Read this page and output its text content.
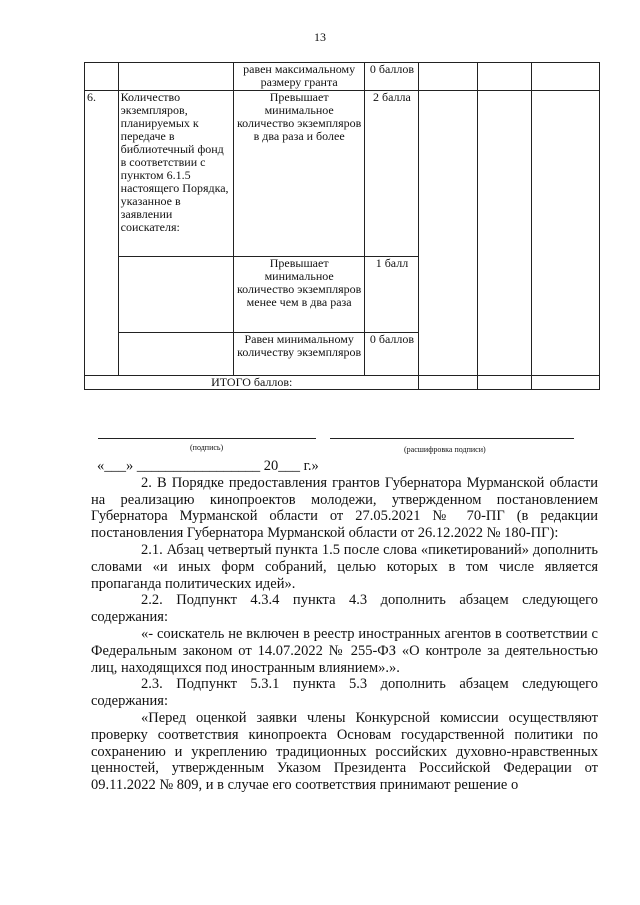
13
		равен максимальному размеру гранта	0 баллов			
6.	Количество экземпляров, планируемых к передаче в библиотечный фонд в соответствии с пунктом 6.1.5 настоящего Порядка, указанное в заявлении соискателя:	Превышает минимальное количество экземпляров в два раза и более	2 балла			
		Превышает минимальное количество экземпляров менее чем в два раза	1 балл			
		Равен минимальному количеству экземпляров	0 баллов			
ИТОГО баллов:						
(подпись)	(расшифровка подписи)

«___» _________________ 20___ г.»

2. В Порядке предоставления грантов Губернатора Мурманской области на реализацию кинопроектов молодежи, утвержденном постановлением Губернатора Мурманской области от 27.05.2021 № 70-ПГ (в редакции постановления Губернатора Мурманской области от 26.12.2022 № 180-ПГ):

2.1. Абзац четвертый пункта 1.5 после слова «пикетирований» дополнить словами «и иных форм собраний, целью которых в том числе является пропаганда политических идей».

2.2. Подпункт 4.3.4 пункта 4.3 дополнить абзацем следующего содержания:

«- соискатель не включен в реестр иностранных агентов в соответствии с Федеральным законом от 14.07.2022 № 255-ФЗ «О контроле за деятельностью лиц, находящихся под иностранным влиянием».».

2.3. Подпункт 5.3.1 пункта 5.3 дополнить абзацем следующего содержания:

«Перед оценкой заявки члены Конкурсной комиссии осуществляют проверку соответствия кинопроекта Основам государственной политики по сохранению и укреплению традиционных российских духовно-нравственных ценностей, утвержденным Указом Президента Российской Федерации от 09.11.2022 № 809, и в случае его соответствия принимают решение о
